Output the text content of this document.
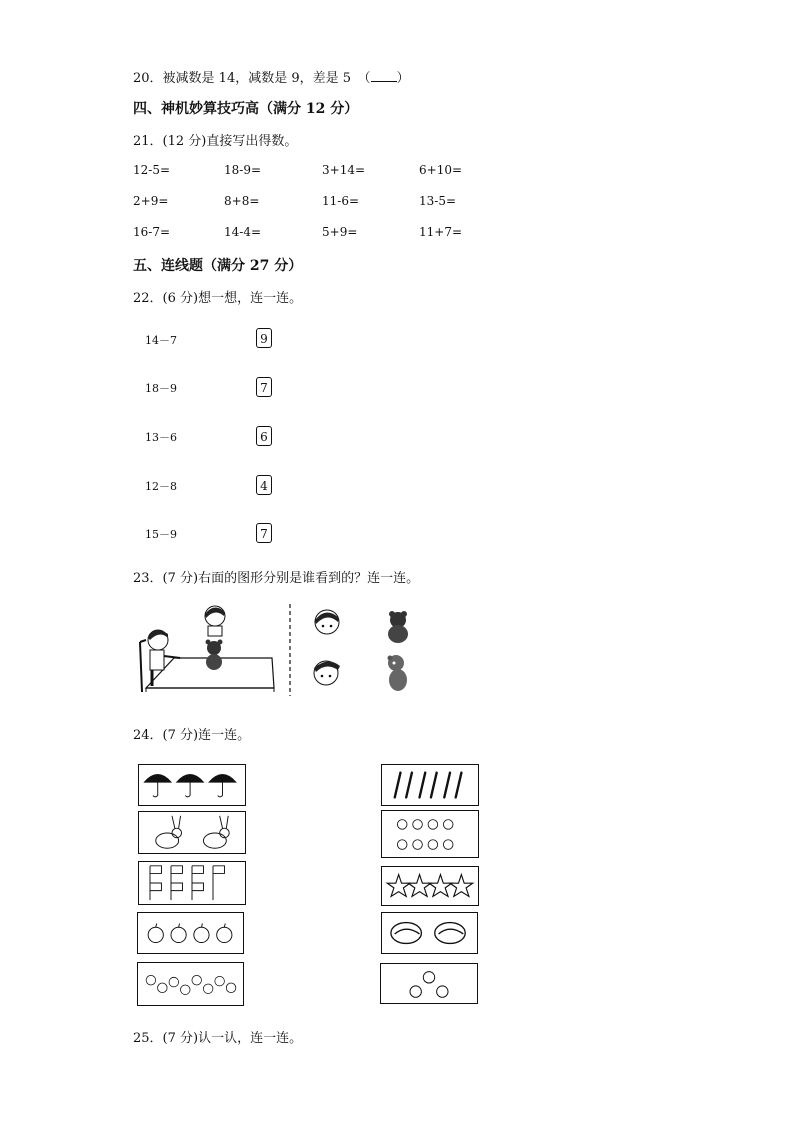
20．被减数是 14，减数是 9，差是 5　（ ）
四、神机妙算技巧高（满分 12 分）
21．(12 分)直接写出得数。
12-5=	18-9=	3+14=	6+10=
2+9=	8+8=	11-6=	13-5=
16-7=	14-4=	5+9=	11+7=
五、连线题（满分 27 分）
22．(6 分)想一想，连一连。
14－7	9
18－9	7
13－6	6
12－8	4
15－9	7
23．(7 分)右面的图形分别是谁看到的？连一连。
24．(7 分)连一连。
25．(7 分)认一认，连一连。
